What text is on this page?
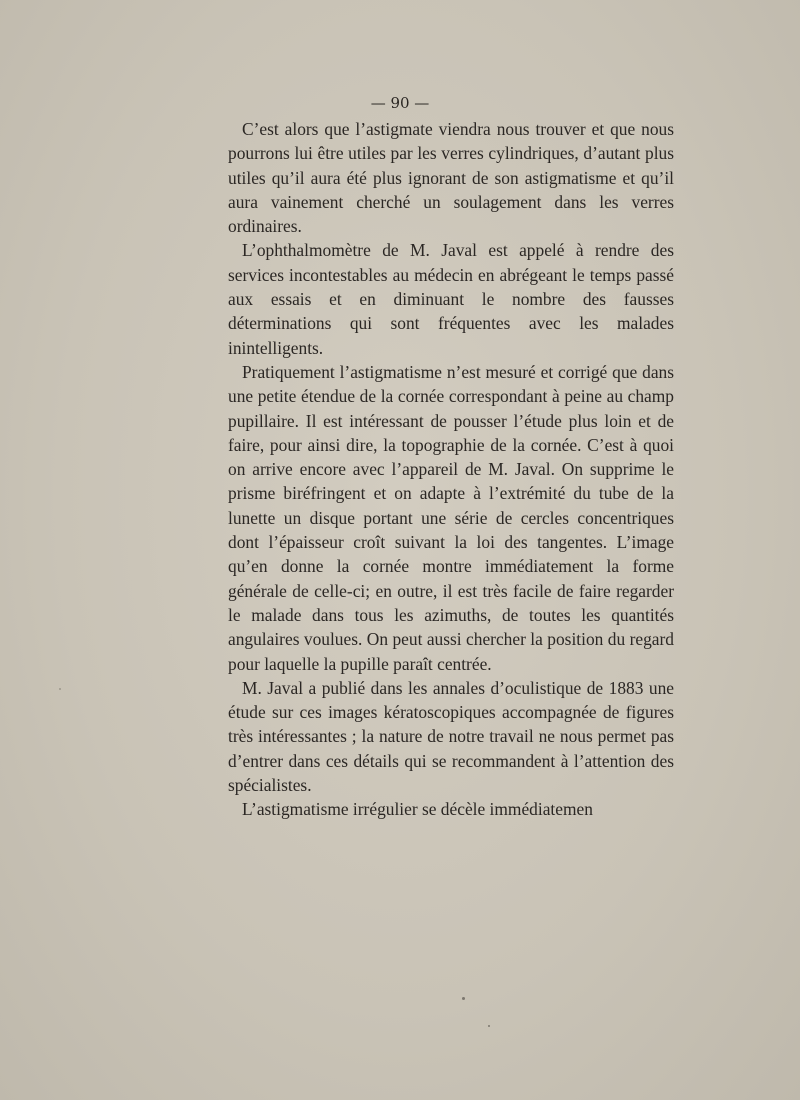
— 90 —

C’est alors que l’astigmate viendra nous trouver et que nous pourrons lui être utiles par les verres cylindriques, d’autant plus utiles qu’il aura été plus ignorant de son astigmatisme et qu’il aura vainement cherché un soulagement dans les verres ordinaires.

L’ophthalmomètre de M. Javal est appelé à rendre des services incontestables au médecin en abrégeant le temps passé aux essais et en diminuant le nombre des fausses déterminations qui sont fréquentes avec les malades inintelligents.

Pratiquement l’astigmatisme n’est mesuré et corrigé que dans une petite étendue de la cornée correspondant à peine au champ pupillaire. Il est intéressant de pousser l’étude plus loin et de faire, pour ainsi dire, la topographie de la cornée. C’est à quoi on arrive encore avec l’appareil de M. Javal. On supprime le prisme biréfringent et on adapte à l’extrémité du tube de la lunette un disque portant une série de cercles concentriques dont l’épaisseur croît suivant la loi des tangentes. L’image qu’en donne la cornée montre immédiatement la forme générale de celle-ci; en outre, il est très facile de faire regarder le malade dans tous les azimuths, de toutes les quantités angulaires voulues. On peut aussi chercher la position du regard pour laquelle la pupille paraît centrée.

M. Javal a publié dans les annales d’oculistique de 1883 une étude sur ces images kératoscopiques accompagnée de figures très intéressantes ; la nature de notre travail ne nous permet pas d’entrer dans ces détails qui se recommandent à l’attention des spécialistes.

L’astigmatisme irrégulier se décèle immédiatemen
